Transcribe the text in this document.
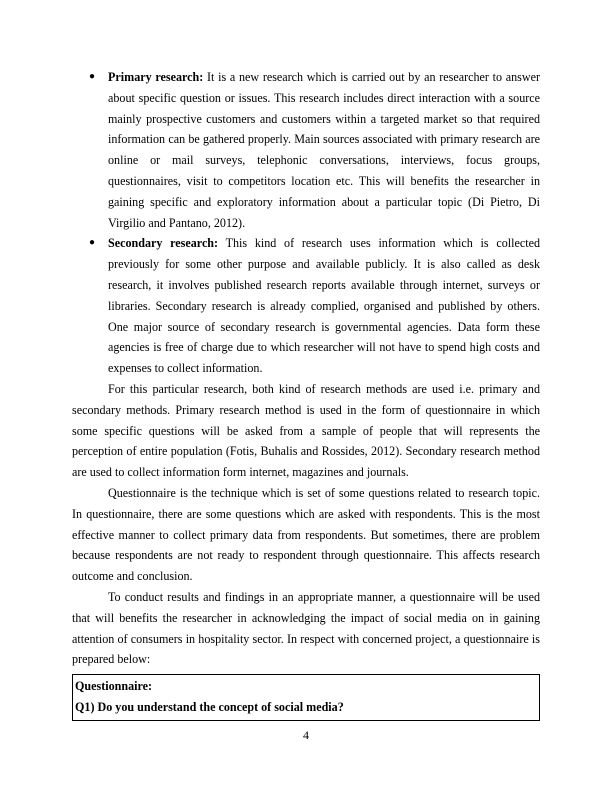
● Primary research: It is a new research which is carried out by an researcher to answer about specific question or issues. This research includes direct interaction with a source mainly prospective customers and customers within a targeted market so that required information can be gathered properly. Main sources associated with primary research are online or mail surveys, telephonic conversations, interviews, focus groups, questionnaires, visit to competitors location etc. This will benefits the researcher in gaining specific and exploratory information about a particular topic (Di Pietro, Di Virgilio and Pantano, 2012).
● Secondary research: This kind of research uses information which is collected previously for some other purpose and available publicly. It is also called as desk research, it involves published research reports available through internet, surveys or libraries. Secondary research is already complied, organised and published by others. One major source of secondary research is governmental agencies. Data form these agencies is free of charge due to which researcher will not have to spend high costs and expenses to collect information.

For this particular research, both kind of research methods are used i.e. primary and secondary methods. Primary research method is used in the form of questionnaire in which some specific questions will be asked from a sample of people that will represents the perception of entire population (Fotis, Buhalis and Rossides, 2012). Secondary research method are used to collect information form internet, magazines and journals.

Questionnaire is the technique which is set of some questions related to research topic. In questionnaire, there are some questions which are asked with respondents. This is the most effective manner to collect primary data from respondents. But sometimes, there are problem because respondents are not ready to respondent through questionnaire. This affects research outcome and conclusion.

To conduct results and findings in an appropriate manner, a questionnaire will be used that will benefits the researcher in acknowledging the impact of social media on in gaining attention of consumers in hospitality sector. In respect with concerned project, a questionnaire is prepared below:

Questionnaire:
Q1) Do you understand the concept of social media?
4
